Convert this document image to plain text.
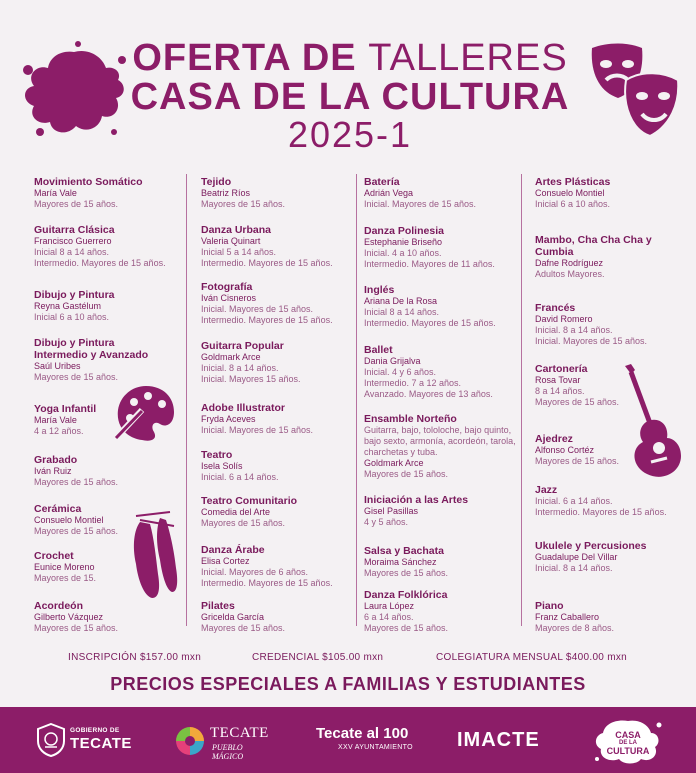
OFERTA DE TALLERES
CASA DE LA CULTURA
2025-1
Movimiento Somático
María Vale
Mayores de 15 años.
Guitarra Clásica
Francisco Guerrero
Inicial 8 a 14 años.
Intermedio. Mayores de 15 años.
Dibujo y Pintura
Reyna Gastélum
Inicial 6 a 10 años.
Dibujo y Pintura
Intermedio y Avanzado
Saúl Uribes
Mayores de 15 años.
Yoga Infantil
María Vale
4 a 12 años.
Grabado
Iván Ruiz
Mayores de 15 años.
Cerámica
Consuelo Montiel
Mayores de 15 años.
Crochet
Eunice Moreno
Mayores de 15.
Acordeón
Gilberto Vázquez
Mayores de 15 años.
Tejido
Beatriz Ríos
Mayores de 15 años.
Danza Urbana
Valeria Quinart
Inicial 5 a 14 años.
Intermedio. Mayores de 15 años.
Fotografía
Iván Cisneros
Inicial. Mayores de 15 años.
Intermedio. Mayores de 15 años.
Guitarra Popular
Goldmark Arce
Inicial. 8 a 14 años.
Inicial. Mayores 15 años.
Adobe Illustrator
Fryda Aceves
Inicial. Mayores de 15 años.
Teatro
Isela Solís
Inicial. 6 a 14 años.
Teatro Comunitario
Comedia del Arte
Mayores de 15 años.
Danza Árabe
Elisa Cortez
Inicial. Mayores de 6 años.
Intermedio. Mayores de 15 años.
Pilates
Gricelda García
Mayores de 15 años.
Batería
Adrián Vega
Inicial. Mayores de 15 años.
Danza Polinesia
Estephanie Briseño
Inicial. 4 a 10 años.
Intermedio. Mayores de 11 años.
Inglés
Ariana De la Rosa
Inicial 8 a 14 años.
Intermedio. Mayores de 15 años.
Ballet
Dania Grijalva
Inicial. 4 y 6 años.
Intermedio. 7 a 12 años.
Avanzado. Mayores de 13 años.
Ensamble Norteño
Guitarra, bajo, tololoche, bajo quinto,
bajo sexto, armonía, acordeón, tarola,
charchetas y tuba.
Goldmark Arce
Mayores de 15 años.
Iniciación a las Artes
Gisel Pasillas
4 y 5 años.
Salsa y Bachata
Moraima Sánchez
Mayores de 15 años.
Danza Folklórica
Laura López
6 a 14 años.
Mayores de 15 años.
Artes Plásticas
Consuelo Montiel
Inicial 6 a 10 años.
Mambo, Cha Cha Cha y
Cumbia
Dafne Rodríguez
Adultos Mayores.
Francés
David Romero
Inicial. 8 a 14 años.
Inicial. Mayores de 15 años.
Cartonería
Rosa Tovar
8 a 14 años.
Mayores de 15 años.
Ajedrez
Alfonso Cortéz
Mayores de 15 años.
Jazz
Inicial. 6 a 14 años.
Intermedio. Mayores de 15 años.
Ukulele y Percusiones
Guadalupe Del Villar
Inicial. 8 a 14 años.
Piano
Franz Caballero
Mayores de 8 años.
INSCRIPCIÓN $157.00 mxn	CREDENCIAL $105.00 mxn	COLEGIATURA MENSUAL $400.00 mxn
PRECIOS ESPECIALES A FAMILIAS Y ESTUDIANTES
GOBIERNO DE
TECATE
TECATE
PUEBLO MÁGICO
Tecate al 100
XXV AYUNTAMIENTO IMACTE	CASA
DE LA
CULTURA
